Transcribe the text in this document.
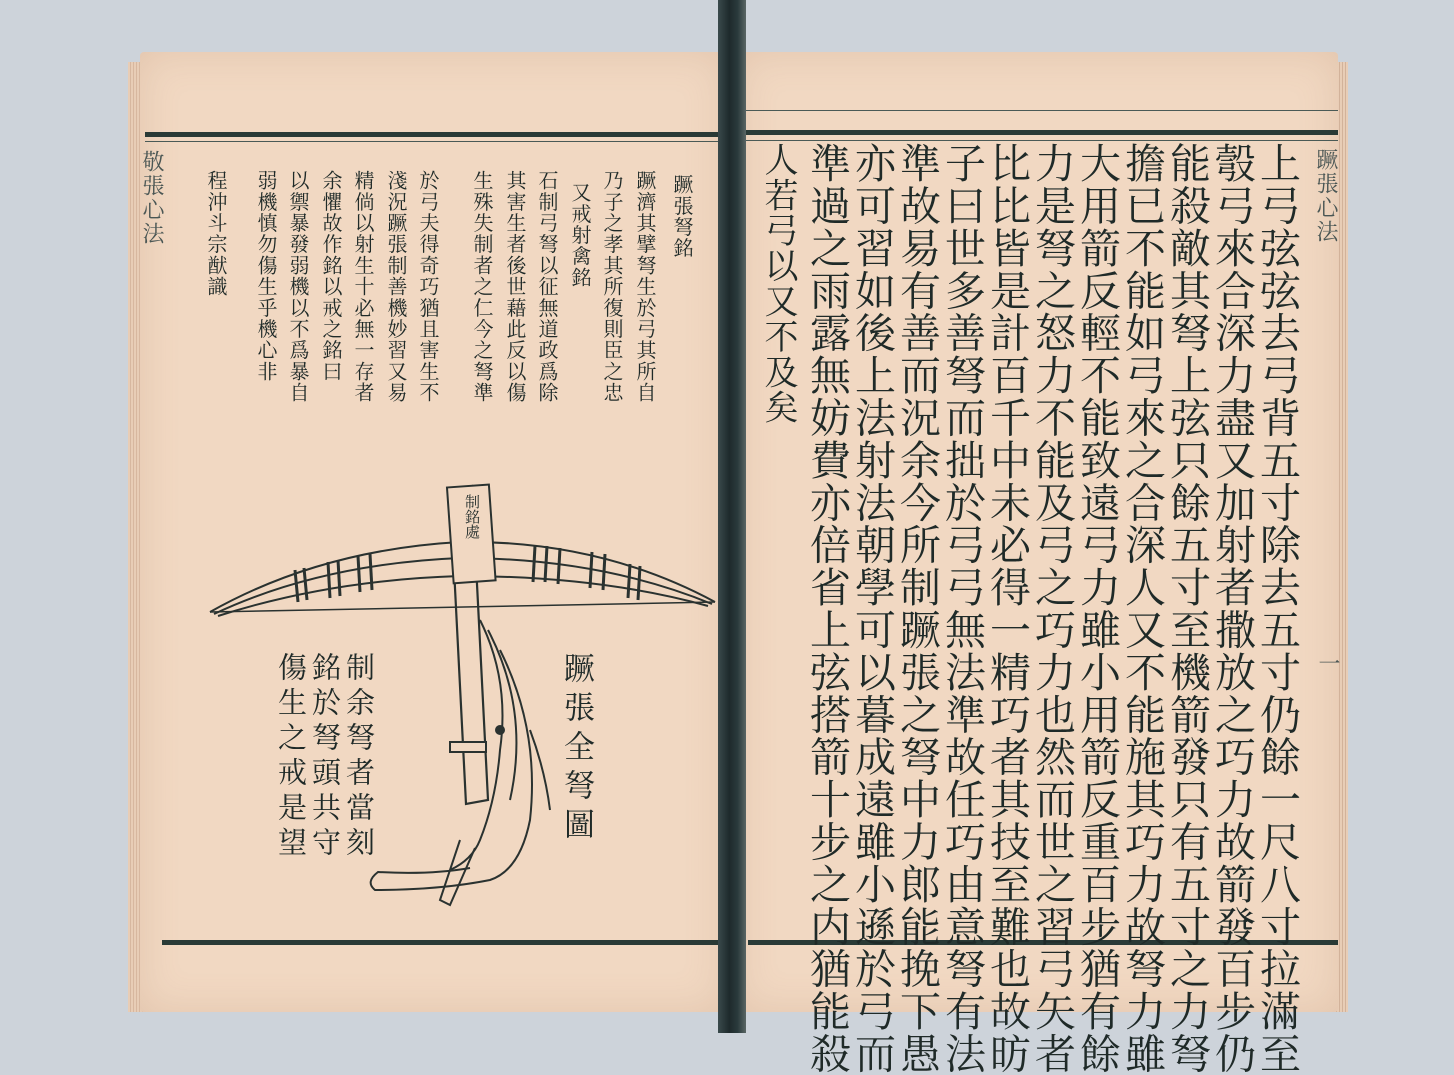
敬張心法	蹶張弩銘
蹶濟其擘弩生於弓其所自
乃子之孝其所復則臣之忠
又戒射禽銘
石制弓弩以征無道政爲除
其害生者後世藉此反以傷
生殊失制者之仁今之弩準
於弓夫得奇巧猶且害生不
淺況蹶張制善機妙習又易
精倘以射生十必無一存者
余懼故作銘以戒之銘曰
以禦暴發弱機以不爲暴自
弱機慎勿傷生乎機心非
程沖斗宗猷識
蹶張全弩圖
制余弩者當刻
銘於弩頭共守
傷生之戒是望
制銘處
蹶張心法
一
上弓弦弦去弓背五寸除去五寸仍餘一尺八寸拉滿至
彀弓來合深力盡又加射者撒放之巧力故箭發百步仍
能殺敵其弩上弦只餘五寸至機箭發只有五寸之力弩
擔已不能如弓來之合深人又不能施其巧力故弩力雖
大用箭反輕不能致遠弓力雖小用箭反重百步猶有餘
力是弩之怒力不能及弓之巧力也然而世之習弓矢者
比比皆是計百千中未必得一精巧者其技至難也故昉
子曰世多善弩而拙於弓弓無法準故任巧由意弩有法
準故易有善而況余今所制蹶張之弩中力郎能挽下愚
亦可習如後上法射法朝學可以暮成遠雖小遜於弓而
準過之雨露無妨費亦倍省上弦搭箭十步之内猶能殺
人若弓以又不及矣
